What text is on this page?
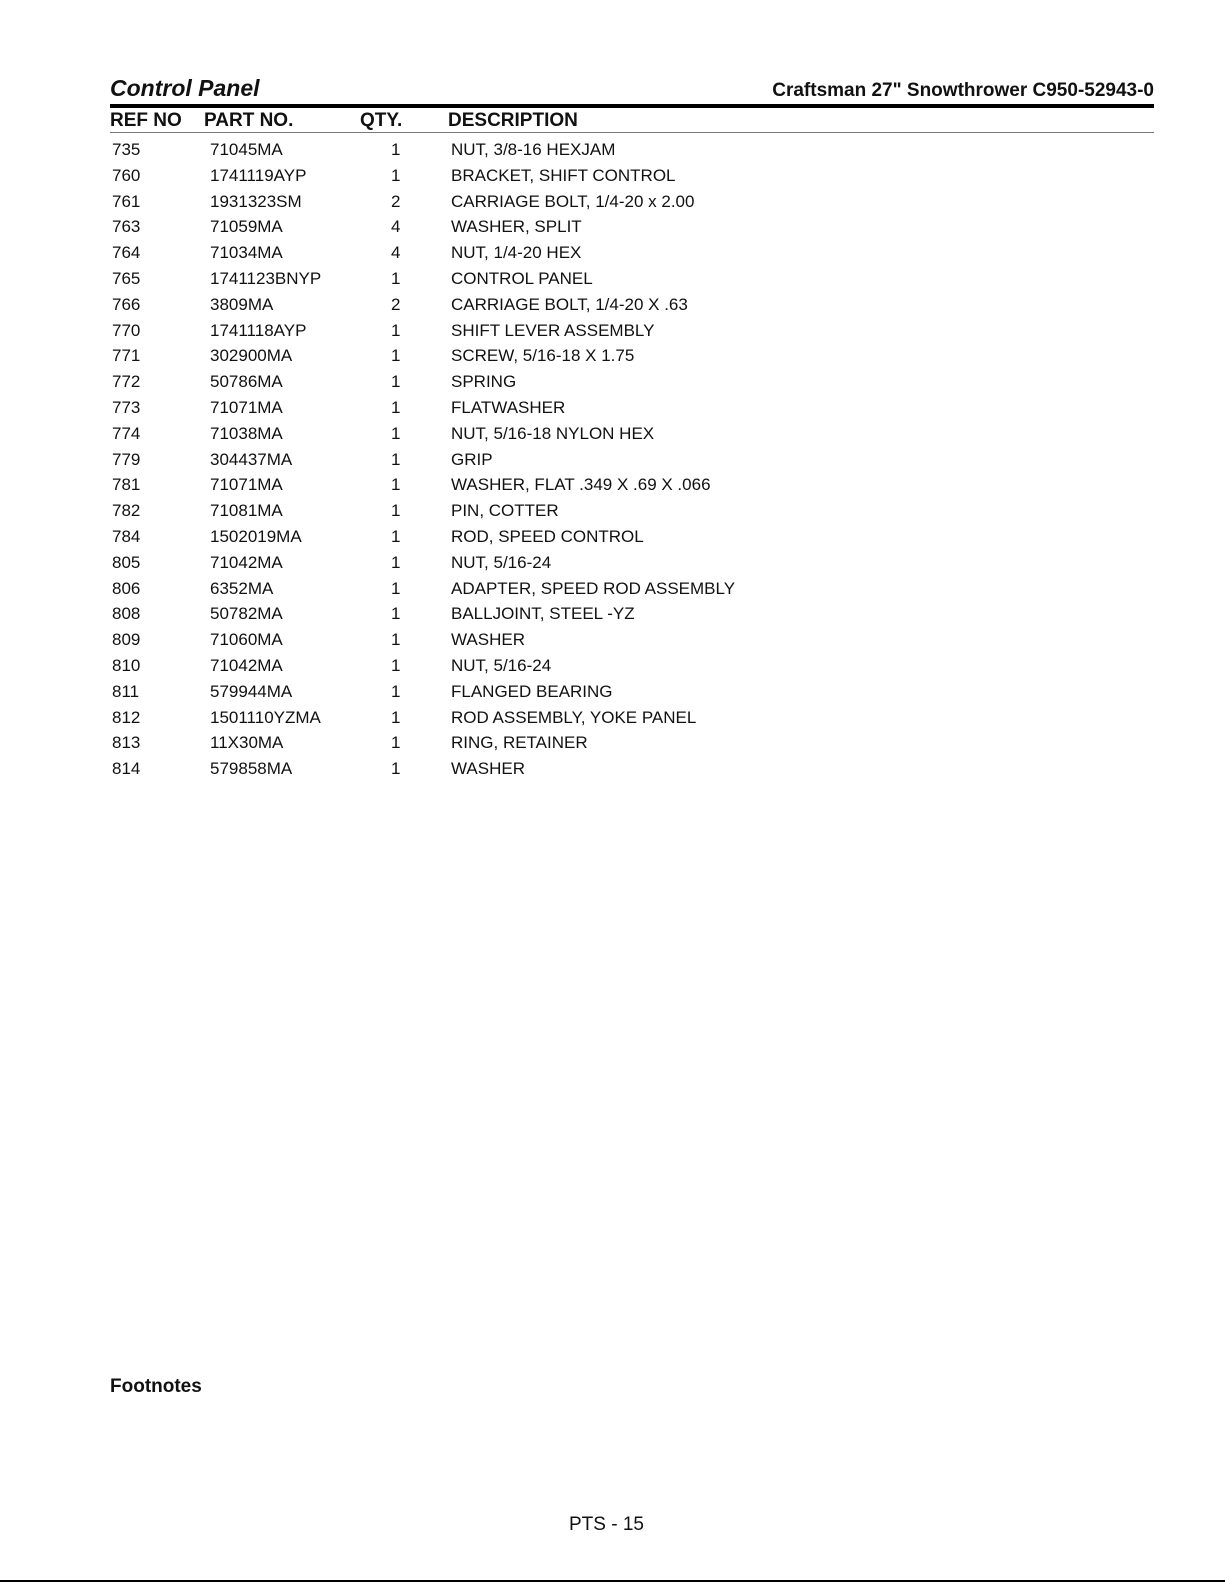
Control Panel	Craftsman 27" Snowthrower C950-52943-0
REF NO PART NO.	QTY. DESCRIPTION
735	71045MA	1	NUT, 3/8-16 HEXJAM
760	1741119AYP	1	BRACKET, SHIFT CONTROL
761	1931323SM	2	CARRIAGE BOLT, 1/4-20 x 2.00
763	71059MA	4	WASHER, SPLIT
764	71034MA	4	NUT, 1/4-20 HEX
765	1741123BNYP	1	CONTROL PANEL
766	3809MA	2	CARRIAGE BOLT, 1/4-20 X .63
770	1741118AYP	1	SHIFT LEVER ASSEMBLY
771	302900MA	1	SCREW, 5/16-18 X 1.75
772	50786MA	1	SPRING
773	71071MA	1	FLATWASHER
774	71038MA	1	NUT, 5/16-18 NYLON HEX
779	304437MA	1	GRIP
781	71071MA	1	WASHER, FLAT .349 X .69 X .066
782	71081MA	1	PIN, COTTER
784	1502019MA	1	ROD, SPEED CONTROL
805	71042MA	1	NUT, 5/16-24
806	6352MA	1	ADAPTER, SPEED ROD ASSEMBLY
808	50782MA	1	BALLJOINT, STEEL -YZ
809	71060MA	1	WASHER
810	71042MA	1	NUT, 5/16-24
811	579944MA	1	FLANGED BEARING
812	1501110YZMA	1	ROD ASSEMBLY, YOKE PANEL
813	11X30MA	1	RING, RETAINER
814	579858MA	1	WASHER
Footnotes
PTS - 15
